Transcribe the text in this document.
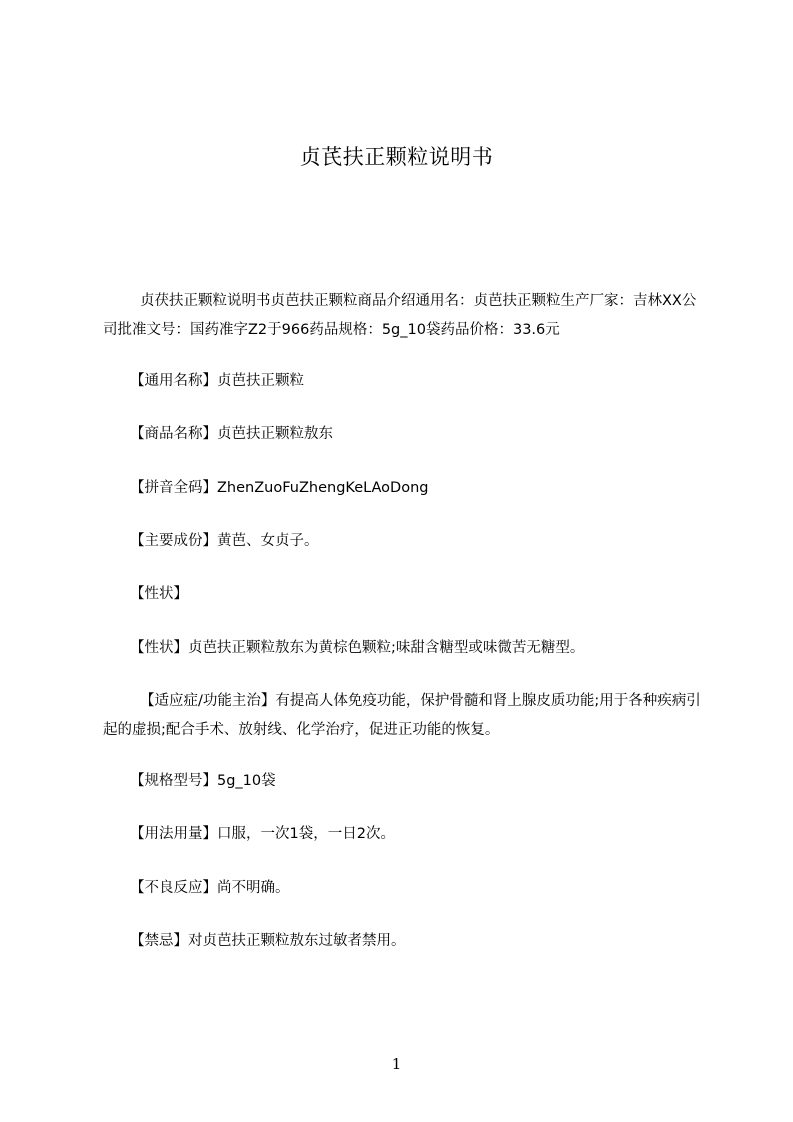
贞芪扶正颗粒说明书
贞茯扶正颗粒说明书贞芭扶正颗粒商品介绍通用名：贞芭扶正颗粒生产厂家：吉林XX公司批准文号：国药准字Z2于966药品规格：5g_10袋药品价格：33.6元
【通用名称】贞芭扶正颗粒
【商品名称】贞芭扶正颗粒敖东
【拼音全码】ZhenZuoFuZhengKeLAoDong
【主要成份】黄芭、女贞子。
【性状】
【性状】贞芭扶正颗粒敖东为黄棕色颗粒;味甜含糖型或味微苦无糖型。
【适应症/功能主治】有提高人体免疫功能，保护骨髓和肾上腺皮质功能;用于各种疾病引起的虚损;配合手术、放射线、化学治疗，促进正功能的恢复。
【规格型号】5g_10袋
【用法用量】口服，一次1袋，一日2次。
【不良反应】尚不明确。
【禁忌】对贞芭扶正颗粒敖东过敏者禁用。
1
